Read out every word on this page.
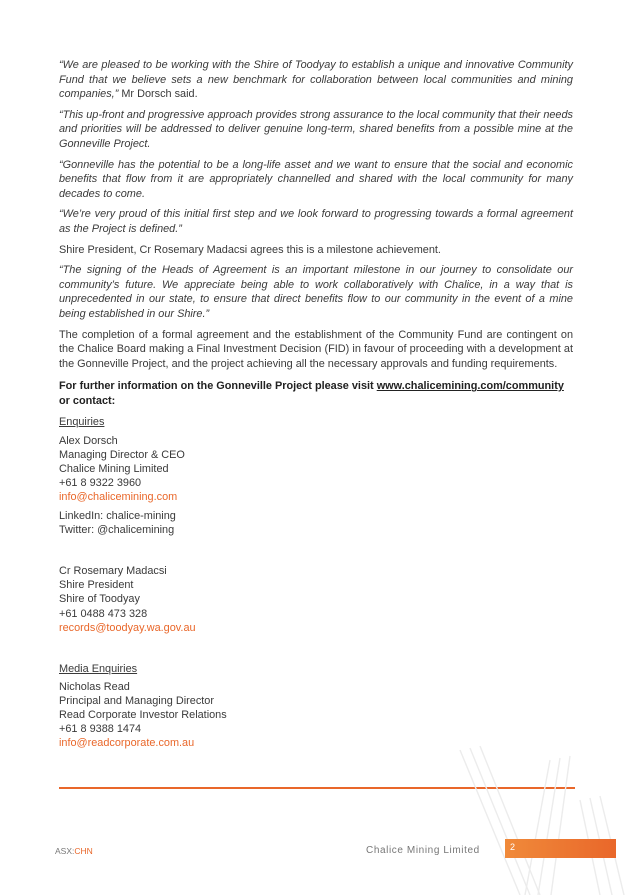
“We are pleased to be working with the Shire of Toodyay to establish a unique and innovative Community Fund that we believe sets a new benchmark for collaboration between local communities and mining companies,” Mr Dorsch said.

“This up-front and progressive approach provides strong assurance to the local community that their needs and priorities will be addressed to deliver genuine long-term, shared benefits from a possible mine at the Gonneville Project.

“Gonneville has the potential to be a long-life asset and we want to ensure that the social and economic benefits that flow from it are appropriately channelled and shared with the local community for many decades to come.

“We’re very proud of this initial first step and we look forward to progressing towards a formal agreement as the Project is defined.”

Shire President, Cr Rosemary Madacsi agrees this is a milestone achievement.

“The signing of the Heads of Agreement is an important milestone in our journey to consolidate our community’s future. We appreciate being able to work collaboratively with Chalice, in a way that is unprecedented in our state, to ensure that direct benefits flow to our community in the event of a mine being established in our Shire.”

The completion of a formal agreement and the establishment of the Community Fund are contingent on the Chalice Board making a Final Investment Decision (FID) in favour of proceeding with a development at the Gonneville Project, and the project achieving all the necessary approvals and funding requirements.

For further information on the Gonneville Project please visit www.chalicemining.com/community
or contact:

Enquiries

Alex Dorsch

Managing Director & CEO

Chalice Mining Limited

+61 8 9322 3960

info@chalicemining.com

LinkedIn: chalice-mining

Twitter: @chalicemining

Cr Rosemary Madacsi

Shire President

Shire of Toodyay

+61 0488 473 328

records@toodyay.wa.gov.au

Media Enquiries

Nicholas Read

Principal and Managing Director

Read Corporate Investor Relations

+61 8 9388 1474

info@readcorporate.com.au

ASX:CHN	Chalice Mining Limited	2
